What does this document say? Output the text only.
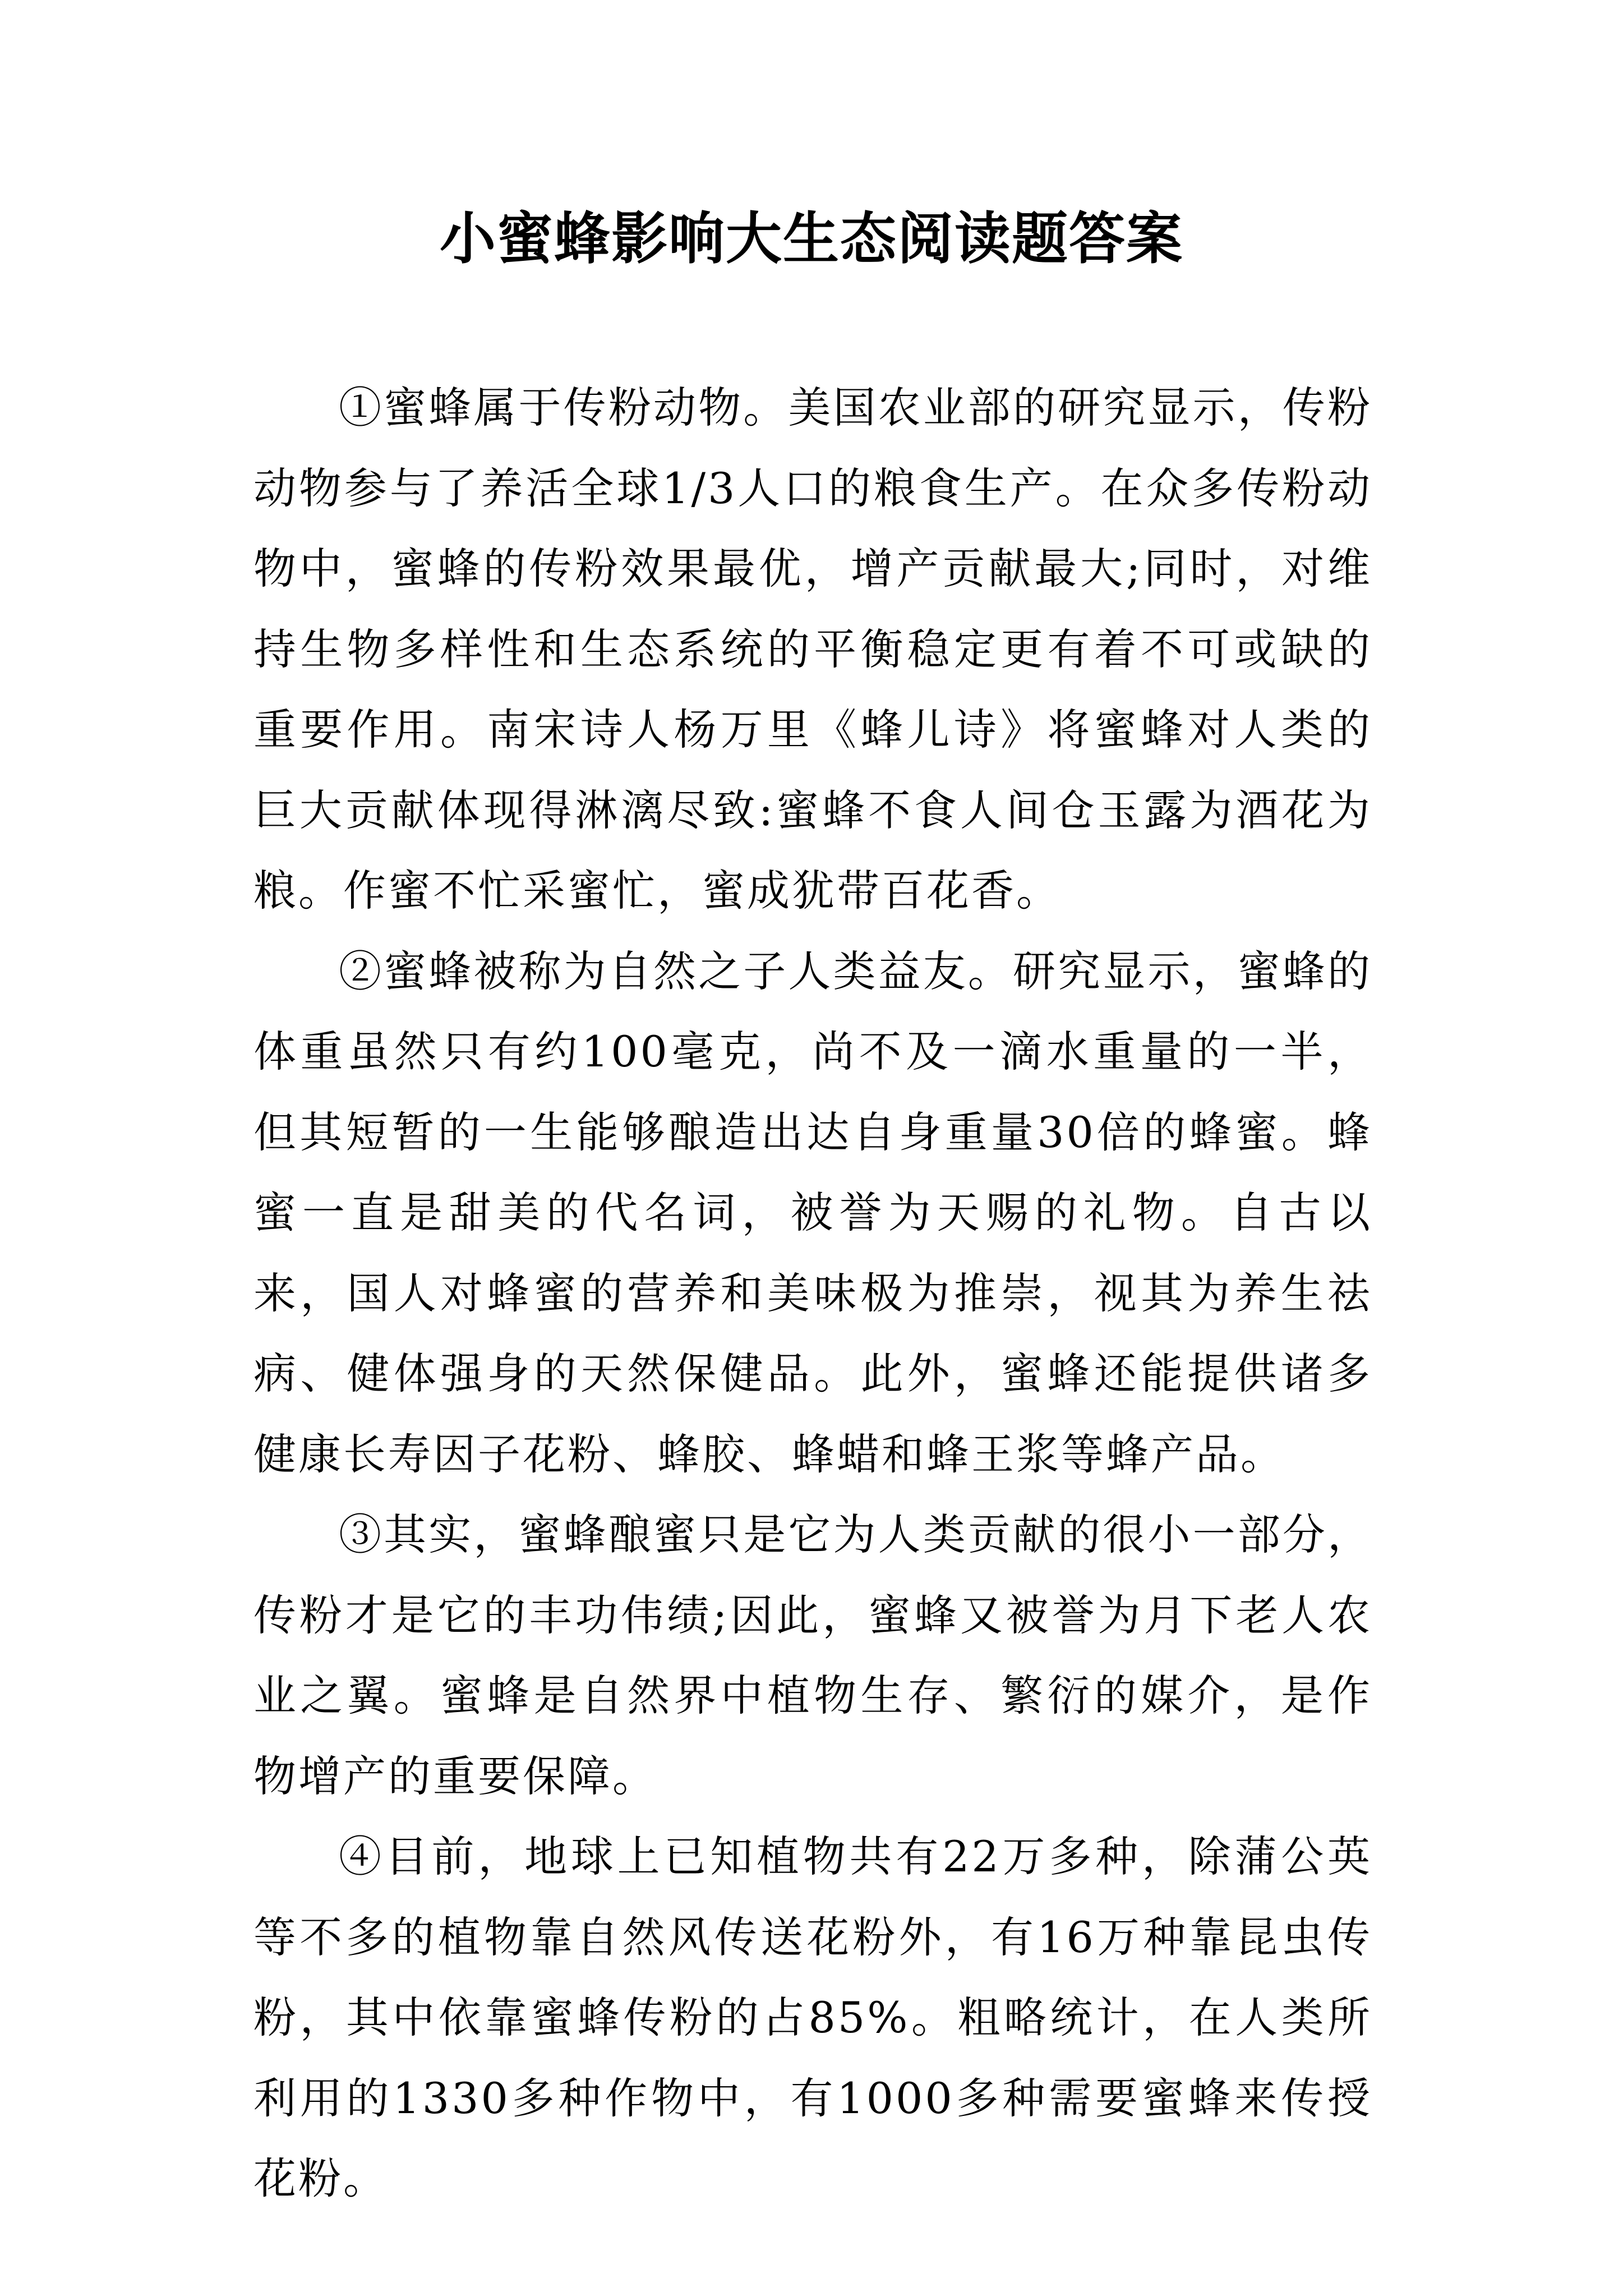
小蜜蜂影响大生态阅读题答案

①蜜蜂属于传粉动物。美国农业部的研究显示，传粉动物参与了养活全球1/3人口的粮食生产。在众多传粉动物中，蜜蜂的传粉效果最优，增产贡献最大;同时，对维持生物多样性和生态系统的平衡稳定更有着不可或缺的重要作用。南宋诗人杨万里《蜂儿诗》将蜜蜂对人类的巨大贡献体现得淋漓尽致:蜜蜂不食人间仓玉露为酒花为粮。作蜜不忙采蜜忙，蜜成犹带百花香。

②蜜蜂被称为自然之子人类益友。研究显示，蜜蜂的体重虽然只有约100毫克，尚不及一滴水重量的一半，但其短暂的一生能够酿造出达自身重量30倍的蜂蜜。蜂蜜一直是甜美的代名词，被誉为天赐的礼物。自古以来，国人对蜂蜜的营养和美味极为推崇，视其为养生祛病、健体强身的天然保健品。此外，蜜蜂还能提供诸多健康长寿因子花粉、蜂胶、蜂蜡和蜂王浆等蜂产品。

③其实，蜜蜂酿蜜只是它为人类贡献的很小一部分，传粉才是它的丰功伟绩;因此，蜜蜂又被誉为月下老人农业之翼。蜜蜂是自然界中植物生存、繁衍的媒介，是作物增产的重要保障。

④目前，地球上已知植物共有22万多种，除蒲公英等不多的植物靠自然风传送花粉外，有16万种靠昆虫传粉，其中依靠蜜蜂传粉的占85%。粗略统计，在人类所利用的1330多种作物中，有1000多种需要蜜蜂来传授花粉。
